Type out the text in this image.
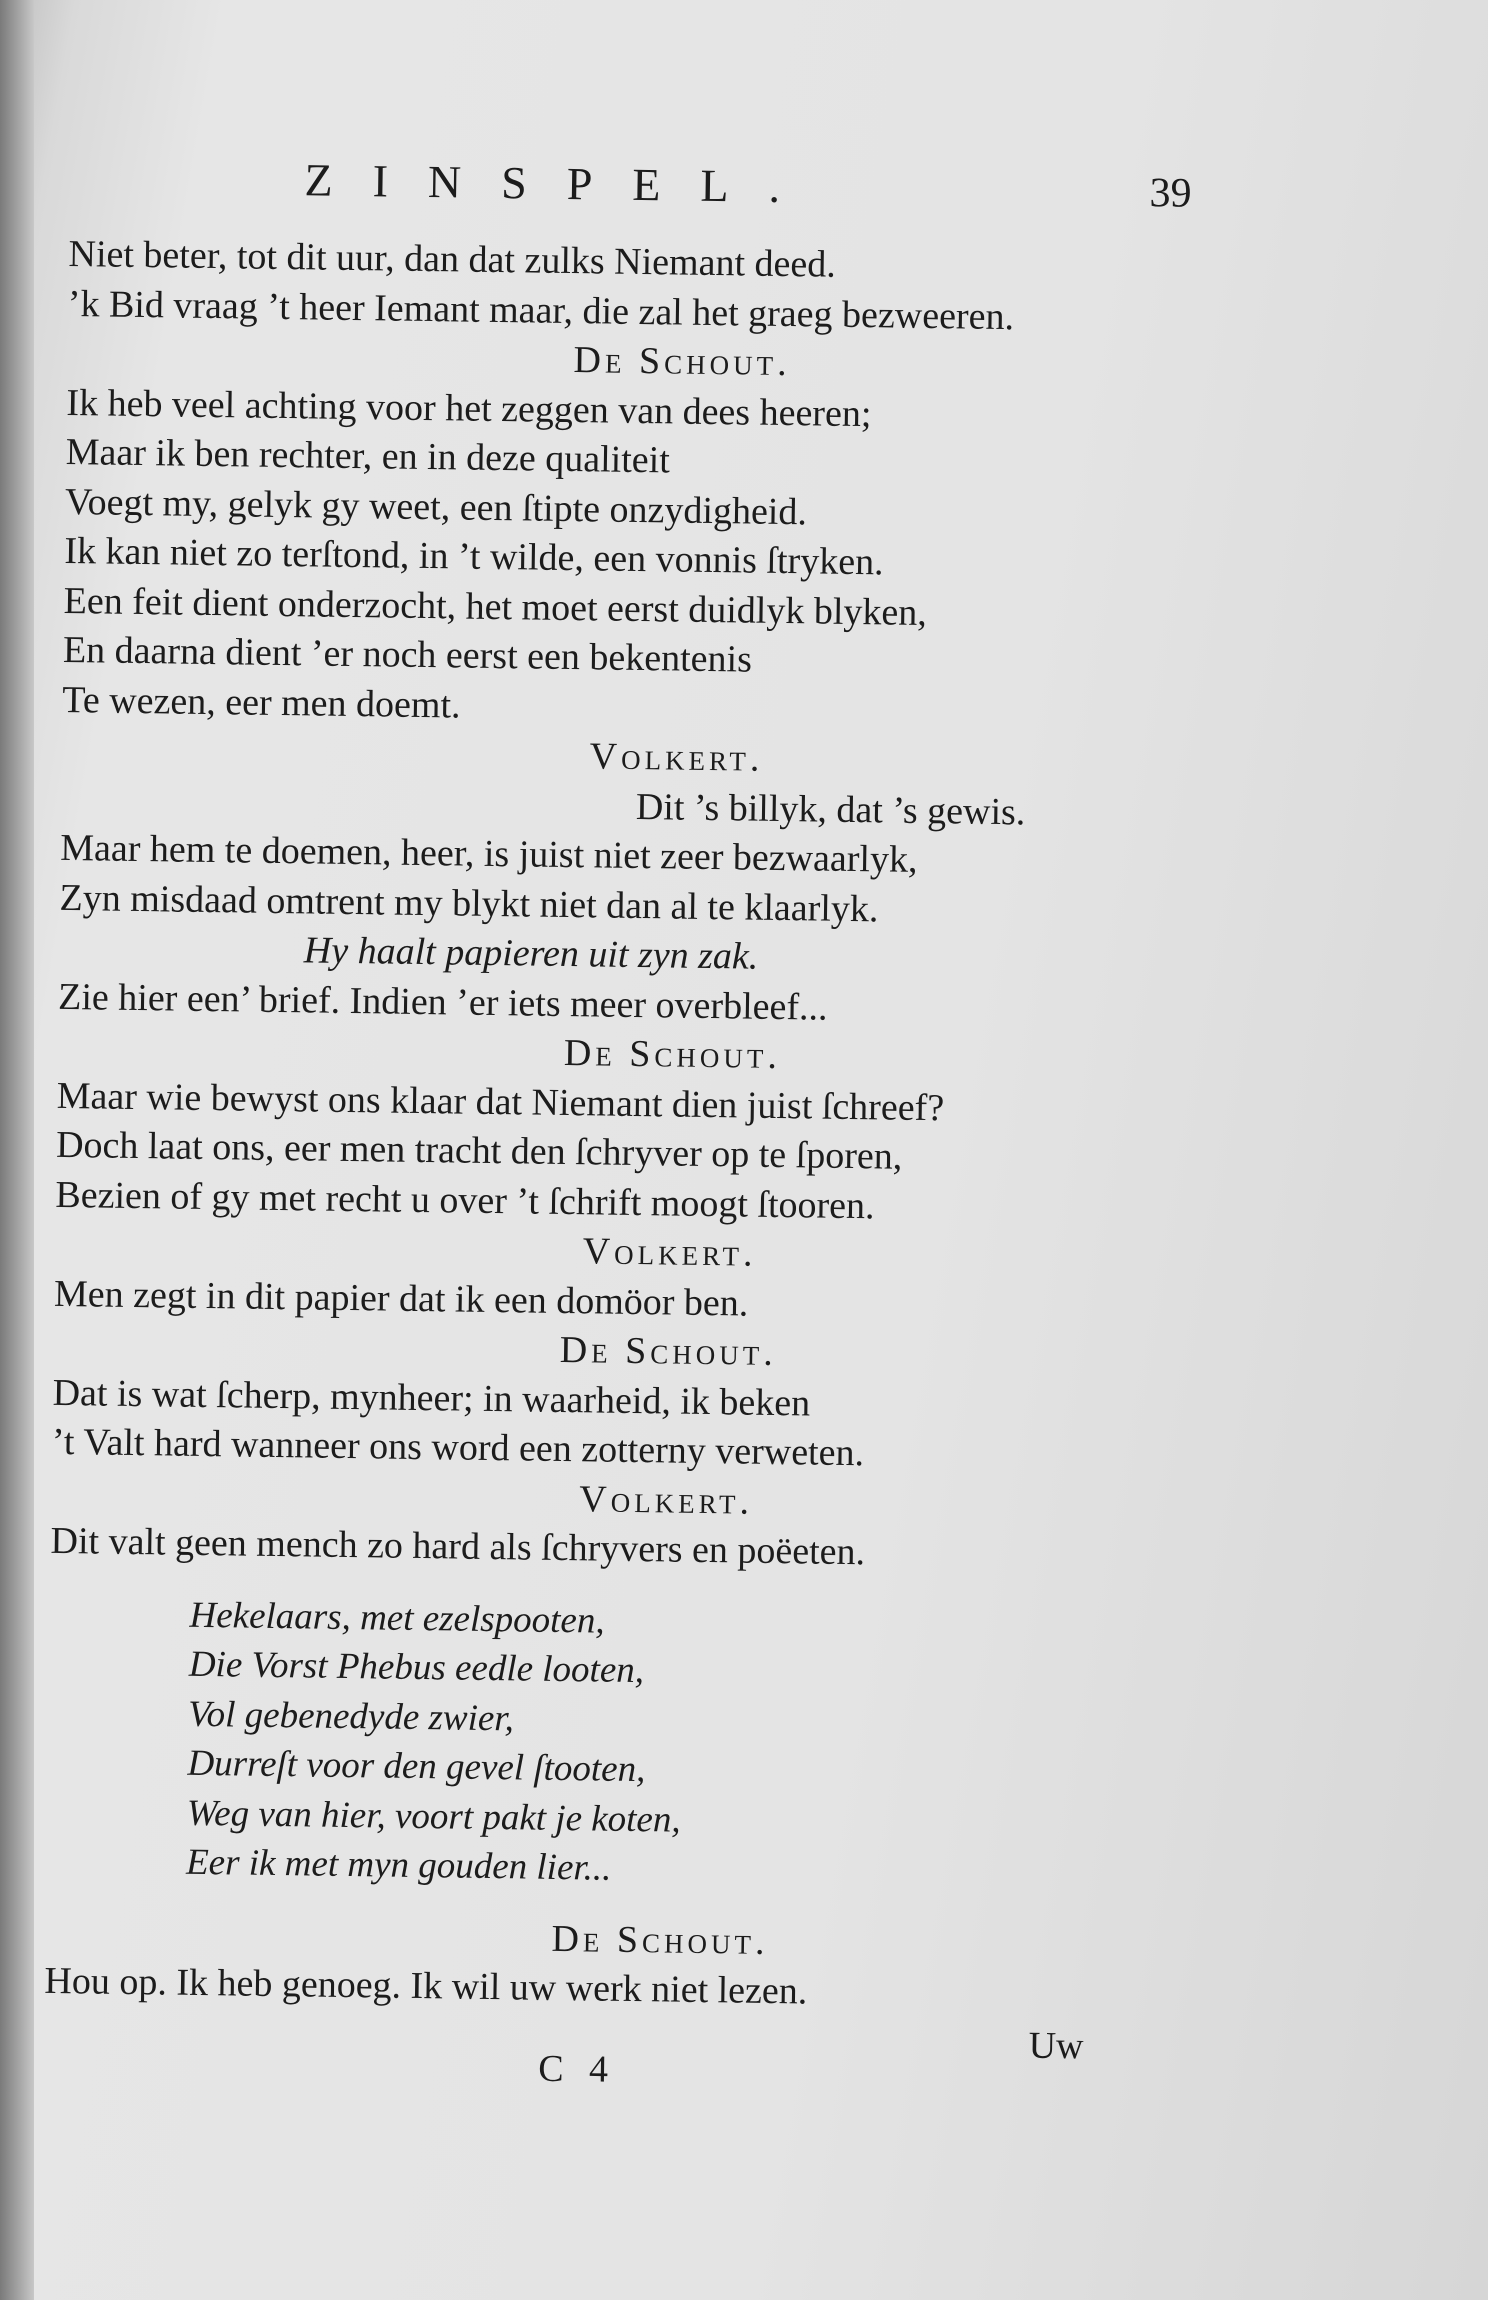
ZINSPEL.	39
Niet beter, tot dit uur, dan dat zulks Niemant deed.
’k Bid vraag ’t heer Iemant maar, die zal het graeg bezweeren.
De Schout.
Ik heb veel achting voor het zeggen van dees heeren;
Maar ik ben rechter, en in deze qualiteit
Voegt my, gelyk gy weet, een ſtipte onzydigheid.
Ik kan niet zo terſtond, in ’t wilde, een vonnis ſtryken.
Een feit dient onderzocht, het moet eerst duidlyk blyken,
En daarna dient ’er noch eerst een bekentenis
Te wezen, eer men doemt.
Volkert.
Dit ’s billyk, dat ’s gewis.
Maar hem te doemen, heer, is juist niet zeer bezwaarlyk,
Zyn misdaad omtrent my blykt niet dan al te klaarlyk.
Hy haalt papieren uit zyn zak.
Zie hier een’ brief. Indien ’er iets meer overbleef...
De Schout.
Maar wie bewyst ons klaar dat Niemant dien juist ſchreef?
Doch laat ons, eer men tracht den ſchryver op te ſporen,
Bezien of gy met recht u over ’t ſchrift moogt ſtooren.
Volkert.
Men zegt in dit papier dat ik een domöor ben.
De Schout.
Dat is wat ſcherp, mynheer; in waarheid, ik beken
’t Valt hard wanneer ons word een zotterny verweten.
Volkert.
Dit valt geen mench zo hard als ſchryvers en poëeten.
Hekelaars, met ezelspooten,
Die Vorst Phebus eedle looten,
Vol gebenedyde zwier,
Durreſt voor den gevel ſtooten,
Weg van hier, voort pakt je koten,
Eer ik met myn gouden lier...
De Schout.
Hou op. Ik heb genoeg. Ik wil uw werk niet lezen.
Uw
C 4
